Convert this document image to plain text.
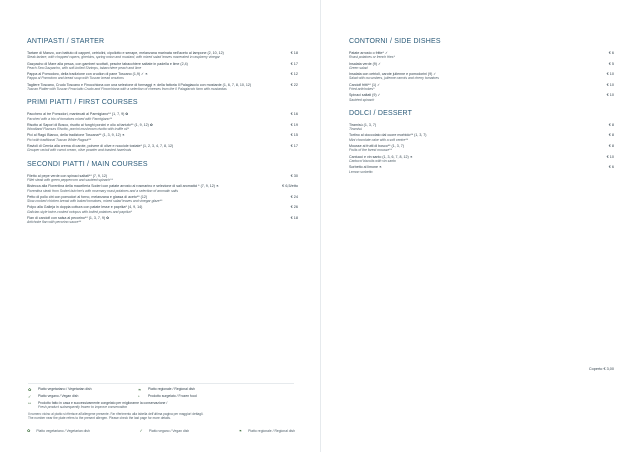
ANTIPASTI / STARTER
Tartare di Manzo, con battuto di capperi, cetriolini, cipollotto e senape, melanzana marinata nell'aceto al lampone (2, 10, 12)
Steak tartare, with chopped capers, gherkins, spring onion and mustard, with mixed salad leaves macerated in raspberry vinegar
€ 18
Gazpacho di Mare alla pesca, con gamberi scottati, pesche tabacchiere saltate in padella e lime (2,4)
Peach Sea Gazpacho, with soft-boiled Shrimps, tabacchiere peach and lime
€ 17
Pappa al Pomodoro, della tradizione con crudion di pane Toscano (1,9) ✓ ❧
Pappa al Pomodoro and bread soup with Tuscan bread croutons
€ 12
Tagliere Toscano, Crudo Toscano e Finocchiona con una selezione di formaggi ❧ della fattoria Il Palagiaccio con mostarde (1, 6, 7, 8, 10, 12)
Tuscan Platter with Tuscan Prosciutto Crudo and Finocchiona with a selection of cheeses from the Il Palagiaccio farm with mustardas
€ 22
PRIMI PIATTI / FIRST COURSES
Pacchero al tre Pomodori, mantecati al Parmigiano** (1, 7, 9) ✿
Paccheri with a trio of tomatoes mixed with Parmigiano**
€ 16
Risotto ai Sapori di Bosco, risotto ai funghi porcini e olio al tartufo** (1, 9, 12) ✿
Woodland Flavours Risotto, porcini mushroom risotto with truffle oil*
€ 19
Pici al Ragù Bianco, della tradizione Toscana** (1, 3, 9, 12) ❧
Pici with traditional Tuscan White Ragout**
€ 15
Ravioli di Cernia alla crema di carote, polvere di olive e nocciole tostate* (1, 2, 3, 4, 7, 8, 12)
Grouper ravioli with carrot cream, olive powder and toasted hazelnuts
€ 17
SECONDI PIATTI / MAIN COURSES
Filetto al pepe verde con spinaci saltati** (7, 9, 12)
Fillet steak with green peppercorn and sautéed spinach**
€ 30
Bistecca alla Fiorentina della macelleria Soderi con patate arrosto al rosmarino e selezione di sali aromatici * (7, 9, 12) ❧
Fiorentina steak from Soderi butcher's with rosemary roast potatoes and a selection of aromatic salts
€ 6,5/etto
Petto di pollo cbt con pomodori al forno, melanzana e glassa di aceto** (12)
Slow-cooked chicken breast with baked tomatoes, mixed salad leaves and vinegar glaze**
€ 24
Polpo alla Galleja in doppia cottura con patate lesse e paprika* (4, 9, 14)
Galician-style twice-cooked octopus with boiled potatoes and paprika*
€ 26
Flan di carciofi con salsa al pecorino** (1, 3, 7, 9) ✿
Artichoke flan with pecorino sauce**
€ 18
CONTORNI / SIDE DISHES
Patate arrosto o fritte* ✓
Roast potatoes or french fries*
€ 6
Insalata verde (9) ✓
Green salad
€ 5
Insalata con cetrioli, carote julienne e pomodorini (9) ✓
Salad with cucumbers, julienne carrots and cherry tomatoes
€ 10
Carciofi fritti** (1) ✓
Fried artichokes*
€ 10
Spinaci saltati (9) ✓
Sautéed spinach
€ 10
DOLCI / DESSERT
Tiramisù (1, 3, 7)
Tiramisù
€ 8
Tortino al cioccolato dal cuore morbido** (1, 3, 7)
Mini chocolate cake with a soft centre**
€ 8
Mousse ai frutti di bosco** (1, 3, 7)
Fruits of the forest mousse**
€ 8
Cantucci e vin santo (1, 3, 6, 7, 8, 12) ❧
Cantucci biscuits with vin santo
€ 10
Sorbetto al limone ❧
Lemon sorbetto
€ 6
Coperto € 3,00
✿	Piatto vegetariano / Vegetarian dish	❧	Piatto regionale / Regional dish
✓	Piatto vegano / Vegan dish	*	Prodotto surgelato / Frozen food
**	Prodotto fatto in casa e successivamente congelato per migliorarne la conservazione /
Fresh product subsequently frozen to improve conservation
Il numero vicino al piatto si riferisce all'allergene presente. Far riferimento alla tabella dell'ultima pagina per maggiori dettagli.
The number near the plate refers to the present allergen. Please check the last page for more details.
✿ Piatto vegetariano / Vegetarian dish	✓ Piatto vegano / Vegan dish	❧ Piatto regionale / Regional dish
